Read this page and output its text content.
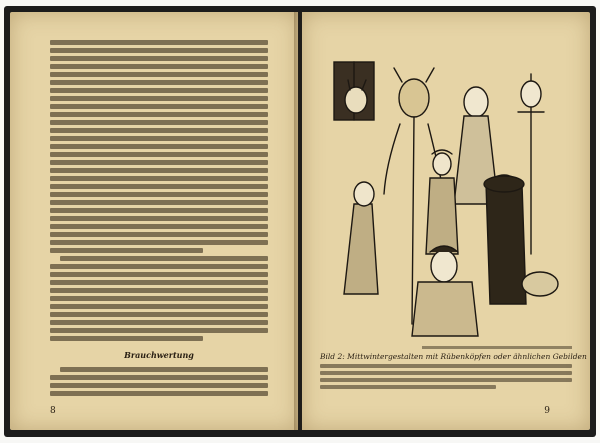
Brauchwertung
8
Bild 2: Mittwintergestalten mit Rübenköpfen oder ähnlichen Gebilden
9
